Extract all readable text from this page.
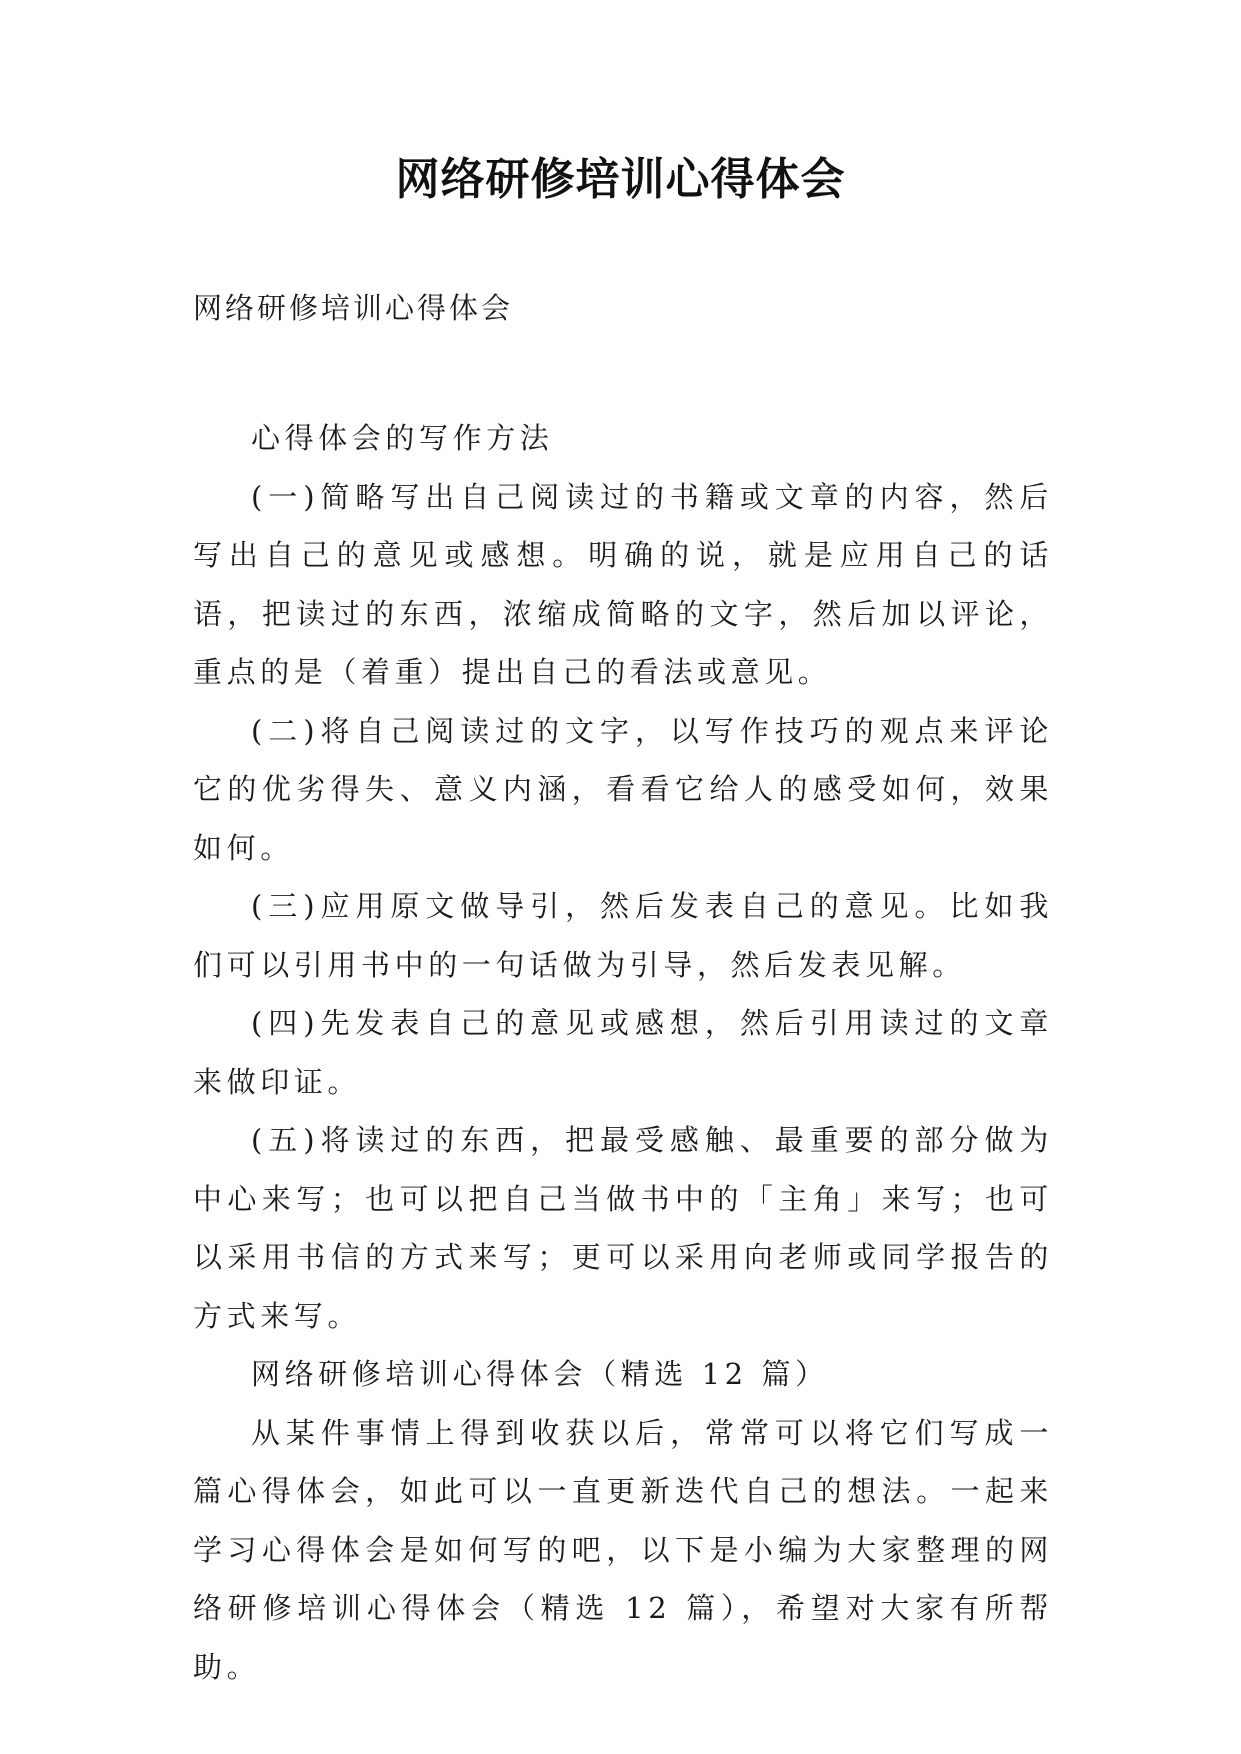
网络研修培训心得体会
网络研修培训心得体会

心得体会的写作方法

(一)简略写出自己阅读过的书籍或文章的内容，然后写出自己的意见或感想。明确的说，就是应用自己的话语，把读过的东西，浓缩成简略的文字，然后加以评论，重点的是（着重）提出自己的看法或意见。

(二)将自己阅读过的文字，以写作技巧的观点来评论它的优劣得失、意义内涵，看看它给人的感受如何，效果如何。

(三)应用原文做导引，然后发表自己的意见。比如我们可以引用书中的一句话做为引导，然后发表见解。

(四)先发表自己的意见或感想，然后引用读过的文章来做印证。

(五)将读过的东西，把最受感触、最重要的部分做为中心来写；也可以把自己当做书中的「主角」来写；也可以采用书信的方式来写；更可以采用向老师或同学报告的方式来写。

网络研修培训心得体会（精选 12 篇）

从某件事情上得到收获以后，常常可以将它们写成一篇心得体会，如此可以一直更新迭代自己的想法。一起来学习心得体会是如何写的吧，以下是小编为大家整理的网络研修培训心得体会（精选 12 篇），希望对大家有所帮助。
